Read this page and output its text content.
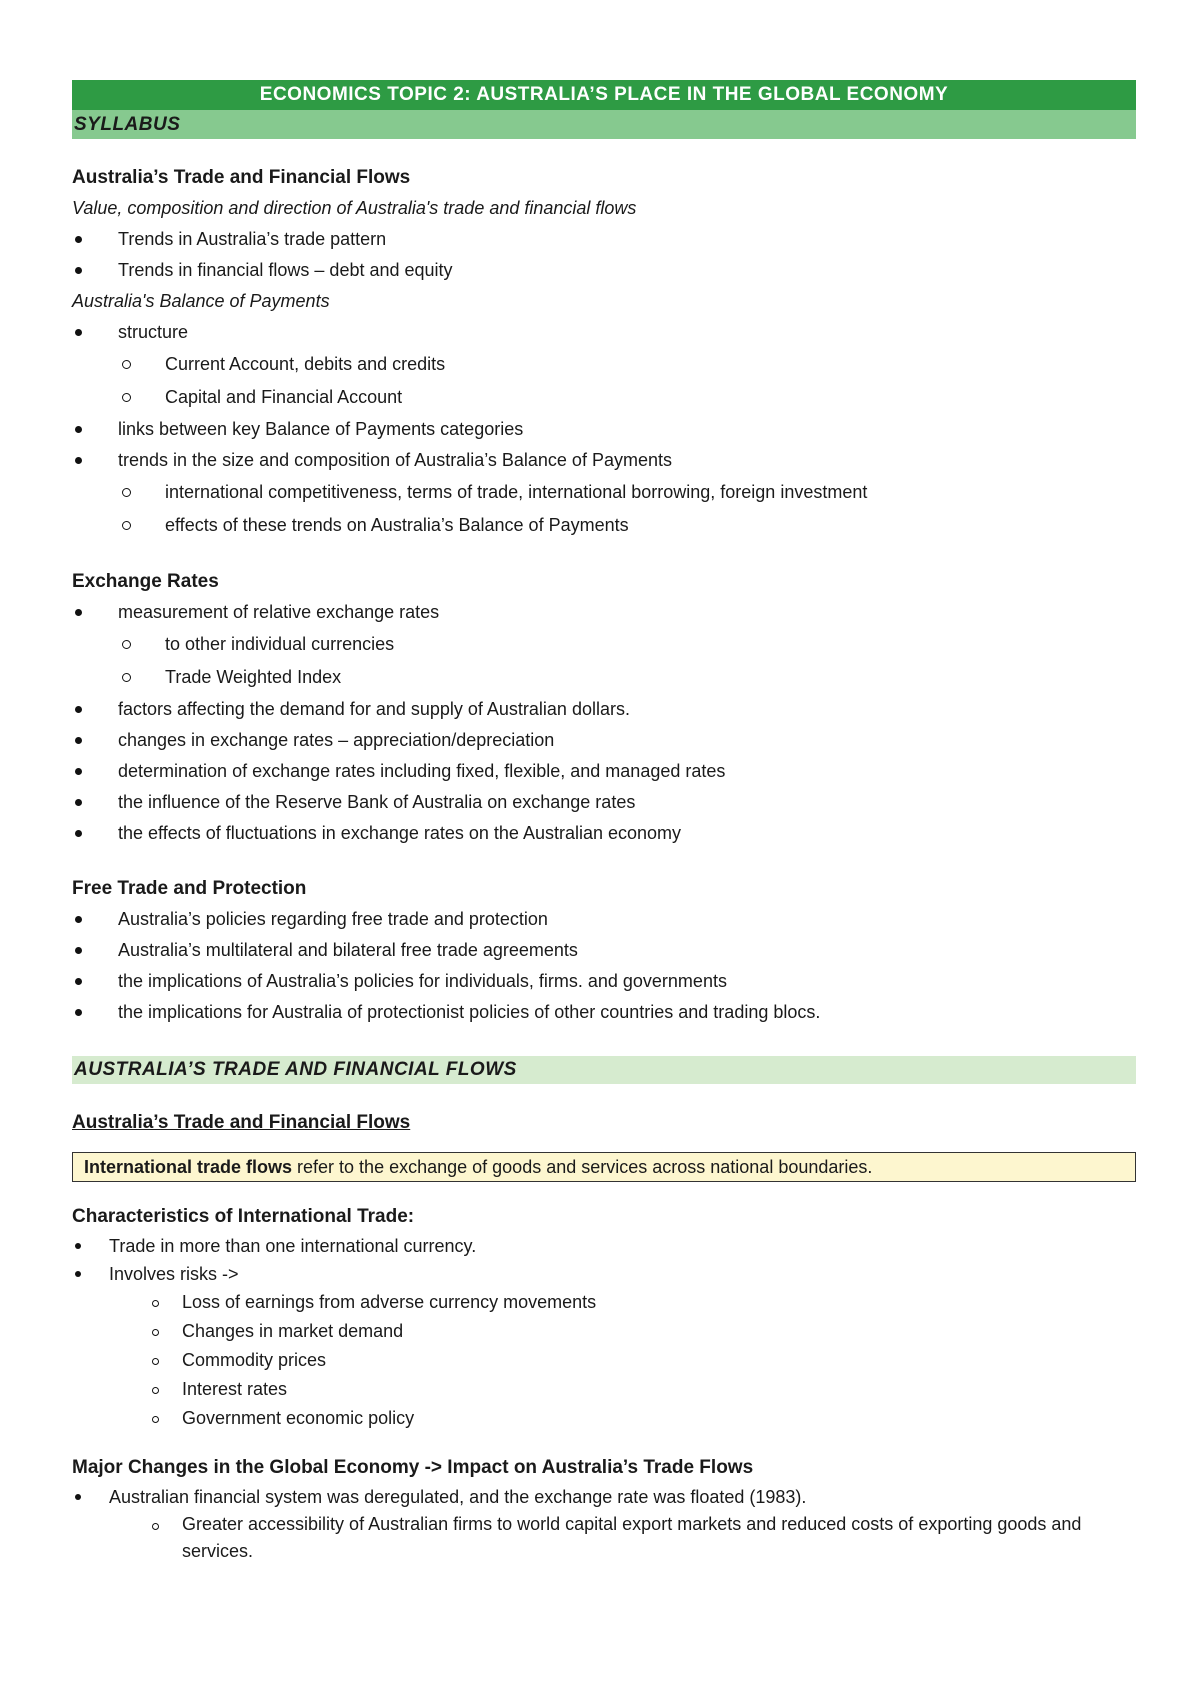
ECONOMICS TOPIC 2: AUSTRALIA’S PLACE IN THE GLOBAL ECONOMY
SYLLABUS
Australia’s Trade and Financial Flows
Value, composition and direction of Australia's trade and financial flows
Trends in Australia’s trade pattern
Trends in financial flows – debt and equity
Australia's Balance of Payments
structure
Current Account, debits and credits
Capital and Financial Account
links between key Balance of Payments categories
trends in the size and composition of Australia’s Balance of Payments
international competitiveness, terms of trade, international borrowing, foreign investment
effects of these trends on Australia’s Balance of Payments
Exchange Rates
measurement of relative exchange rates
to other individual currencies
Trade Weighted Index
factors affecting the demand for and supply of Australian dollars.
changes in exchange rates – appreciation/depreciation
determination of exchange rates including fixed, flexible, and managed rates
the influence of the Reserve Bank of Australia on exchange rates
the effects of fluctuations in exchange rates on the Australian economy
Free Trade and Protection
Australia’s policies regarding free trade and protection
Australia’s multilateral and bilateral free trade agreements
the implications of Australia’s policies for individuals, firms. and governments
the implications for Australia of protectionist policies of other countries and trading blocs.
AUSTRALIA’S TRADE AND FINANCIAL FLOWS
Australia’s Trade and Financial Flows
International trade flows refer to the exchange of goods and services across national boundaries.
Characteristics of International Trade:
Trade in more than one international currency.
Involves risks ->
Loss of earnings from adverse currency movements
Changes in market demand
Commodity prices
Interest rates
Government economic policy
Major Changes in the Global Economy -> Impact on Australia’s Trade Flows
Australian financial system was deregulated, and the exchange rate was floated (1983).
Greater accessibility of Australian firms to world capital export markets and reduced costs of exporting goods and services.
